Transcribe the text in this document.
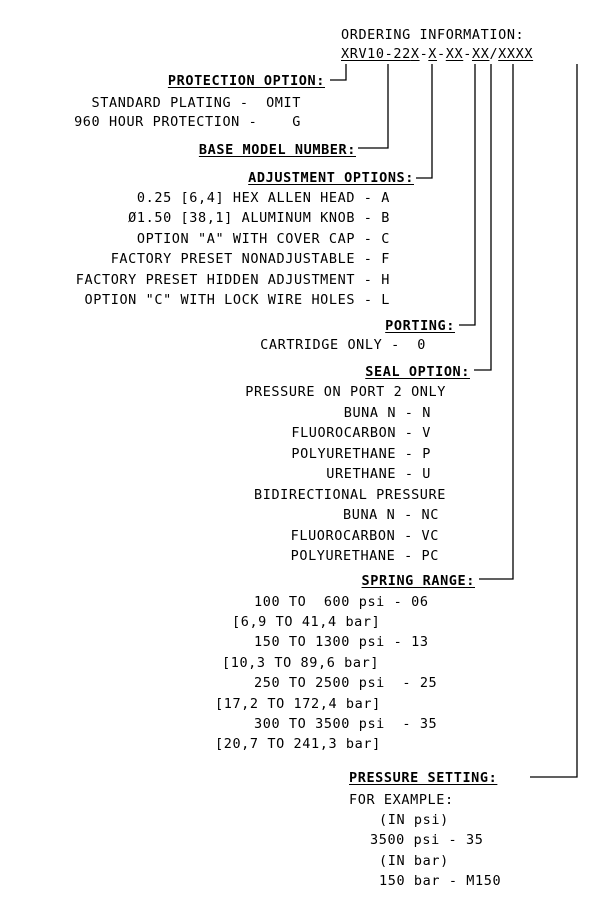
ORDERING INFORMATION:
XRV10-22X-X-XX-XX/XXXX
PROTECTION OPTION:
STANDARD PLATING -  OMIT
960 HOUR PROTECTION -    G
BASE MODEL NUMBER:
ADJUSTMENT OPTIONS:
0.25 [6,4] HEX ALLEN HEAD - A
Ø1.50 [38,1] ALUMINUM KNOB - B
OPTION "A" WITH COVER CAP - C
FACTORY PRESET NONADJUSTABLE - F
FACTORY PRESET HIDDEN ADJUSTMENT - H
OPTION "C" WITH LOCK WIRE HOLES - L
PORTING:
CARTRIDGE ONLY -  0
SEAL OPTION:
PRESSURE ON PORT 2 ONLY
BUNA N - N
FLUOROCARBON - V
POLYURETHANE - P
URETHANE - U
BIDIRECTIONAL PRESSURE
BUNA N - NC
FLUOROCARBON - VC
POLYURETHANE - PC
SPRING RANGE:
100 TO  600 psi - 06
[6,9 TO 41,4 bar]
150 TO 1300 psi - 13
[10,3 TO 89,6 bar]
250 TO 2500 psi  - 25
[17,2 TO 172,4 bar]
300 TO 3500 psi  - 35
[20,7 TO 241,3 bar]
PRESSURE SETTING:
FOR EXAMPLE:
(IN psi)
3500 psi - 35
(IN bar)
150 bar - M150
